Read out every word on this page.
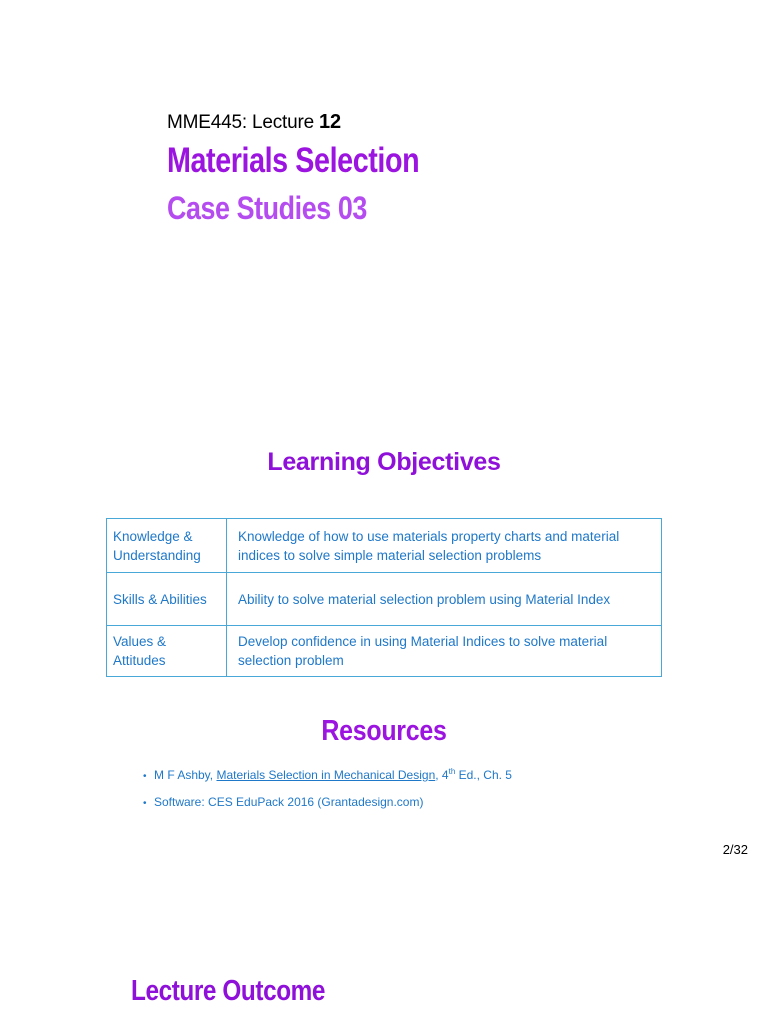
MME445: Lecture 12
Materials Selection
Case Studies 03
Learning Objectives
Knowledge &
Understanding	Knowledge of how to use materials property charts and material indices to solve simple material selection problems
Skills & Abilities	Ability to solve material selection problem using Material Index
Values & Attitudes	Develop confidence in using Material Indices to solve material selection problem
Resources
• M F Ashby, Materials Selection in Mechanical Design, 4th Ed., Ch. 5
• Software: CES EduPack 2016 (Grantadesign.com)
2/32
Lecture Outcome
